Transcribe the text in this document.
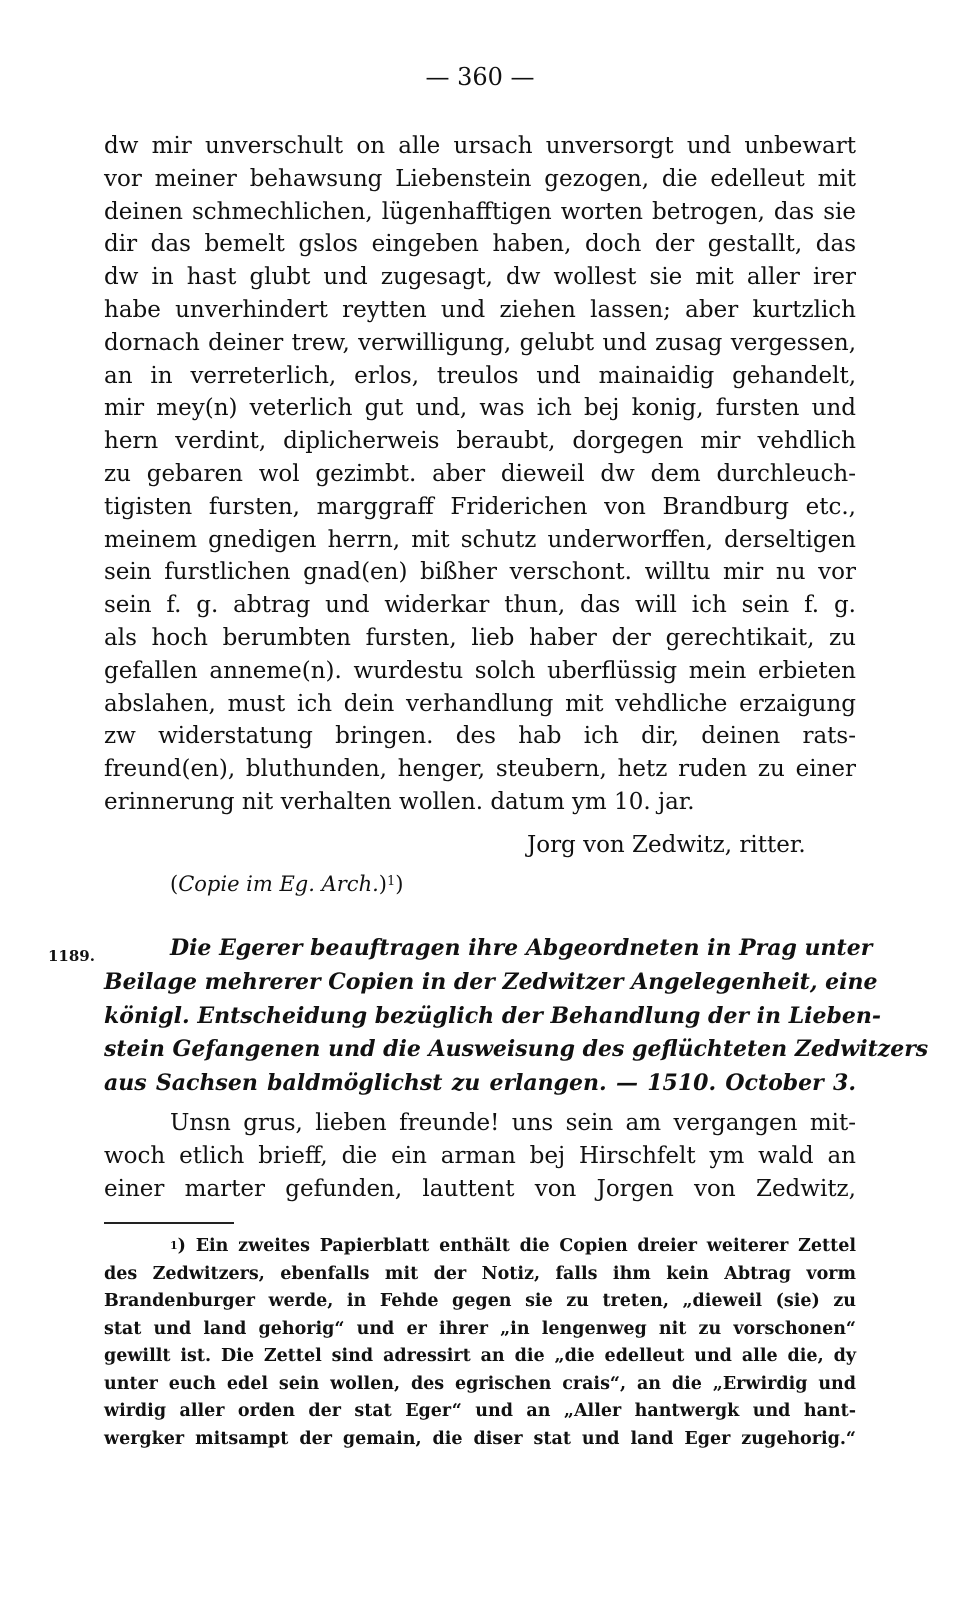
— 360 —
dw mir unverschult on alle ursach unversorgt und unbewart
vor meiner behawsung Liebenstein gezogen, die edelleut mit
deinen schmechlichen, lügenhafftigen worten betrogen, das sie
dir das bemelt gslos eingeben haben, doch der gestallt, das
dw in hast glubt und zugesagt, dw wollest sie mit aller irer
habe unverhindert reytten und ziehen lassen; aber kurtzlich
dornach deiner trew, verwilligung, gelubt und zusag vergessen,
an in verreterlich, erlos, treulos und mainaidig gehandelt,
mir mey(n) veterlich gut und, was ich bej konig, fursten und
hern verdint, diplicherweis beraubt, dorgegen mir vehdlich
zu gebaren wol gezimbt. aber dieweil dw dem durchleuch-
tigisten fursten, marggraff Friderichen von Brandburg etc.,
meinem gnedigen herrn, mit schutz underworffen, derseltigen
sein furstlichen gnad(en) bißher verschont. willtu mir nu vor
sein f. g. abtrag und widerkar thun, das will ich sein f. g.
als hoch berumbten fursten, lieb haber der gerechtikait, zu
gefallen anneme(n). wurdestu solch uberflüssig mein erbieten
abslahen, must ich dein verhandlung mit vehdliche erzaigung
zw widerstatung bringen. des hab ich dir, deinen rats-
freund(en), bluthunden, henger, steubern, hetz ruden zu einer
erinnerung nit verhalten wollen. datum ym 10. jar.
Jorg von Zedwitz, ritter.
(Copie im Eg. Arch.)$^1$)
1189.	Die Egerer beauftragen ihre Abgeordneten in Prag unter
Beilage mehrerer Copien in der Zedwitzer Angelegenheit, eine
königl. Entscheidung bezüglich der Behandlung der in Lieben-
stein Gefangenen und die Ausweisung des geflüchteten Zedwitzers
aus Sachsen baldmöglichst zu erlangen. — 1510. October 3.
Unsn grus, lieben freunde! uns sein am vergangen mit-
woch etlich brieff, die ein arman bej Hirschfelt ym wald an
einer marter gefunden, lauttent von Jorgen von Zedwitz,
$^1$) Ein zweites Papierblatt enthält die Copien dreier weiterer Zettel
des Zedwitzers, ebenfalls mit der Notiz, falls ihm kein Abtrag vorm
Brandenburger werde, in Fehde gegen sie zu treten, „dieweil (sie) zu
stat und land gehorig“ und er ihrer „in lengenweg nit zu vorschonen“
gewillt ist. Die Zettel sind adressirt an die „die edelleut und alle die, dy
unter euch edel sein wollen, des egrischen crais“, an die „Erwirdig und
wirdig aller orden der stat Eger“ und an „Aller hantwergk und hant-
wergker mitsampt der gemain, die diser stat und land Eger zugehorig.“
